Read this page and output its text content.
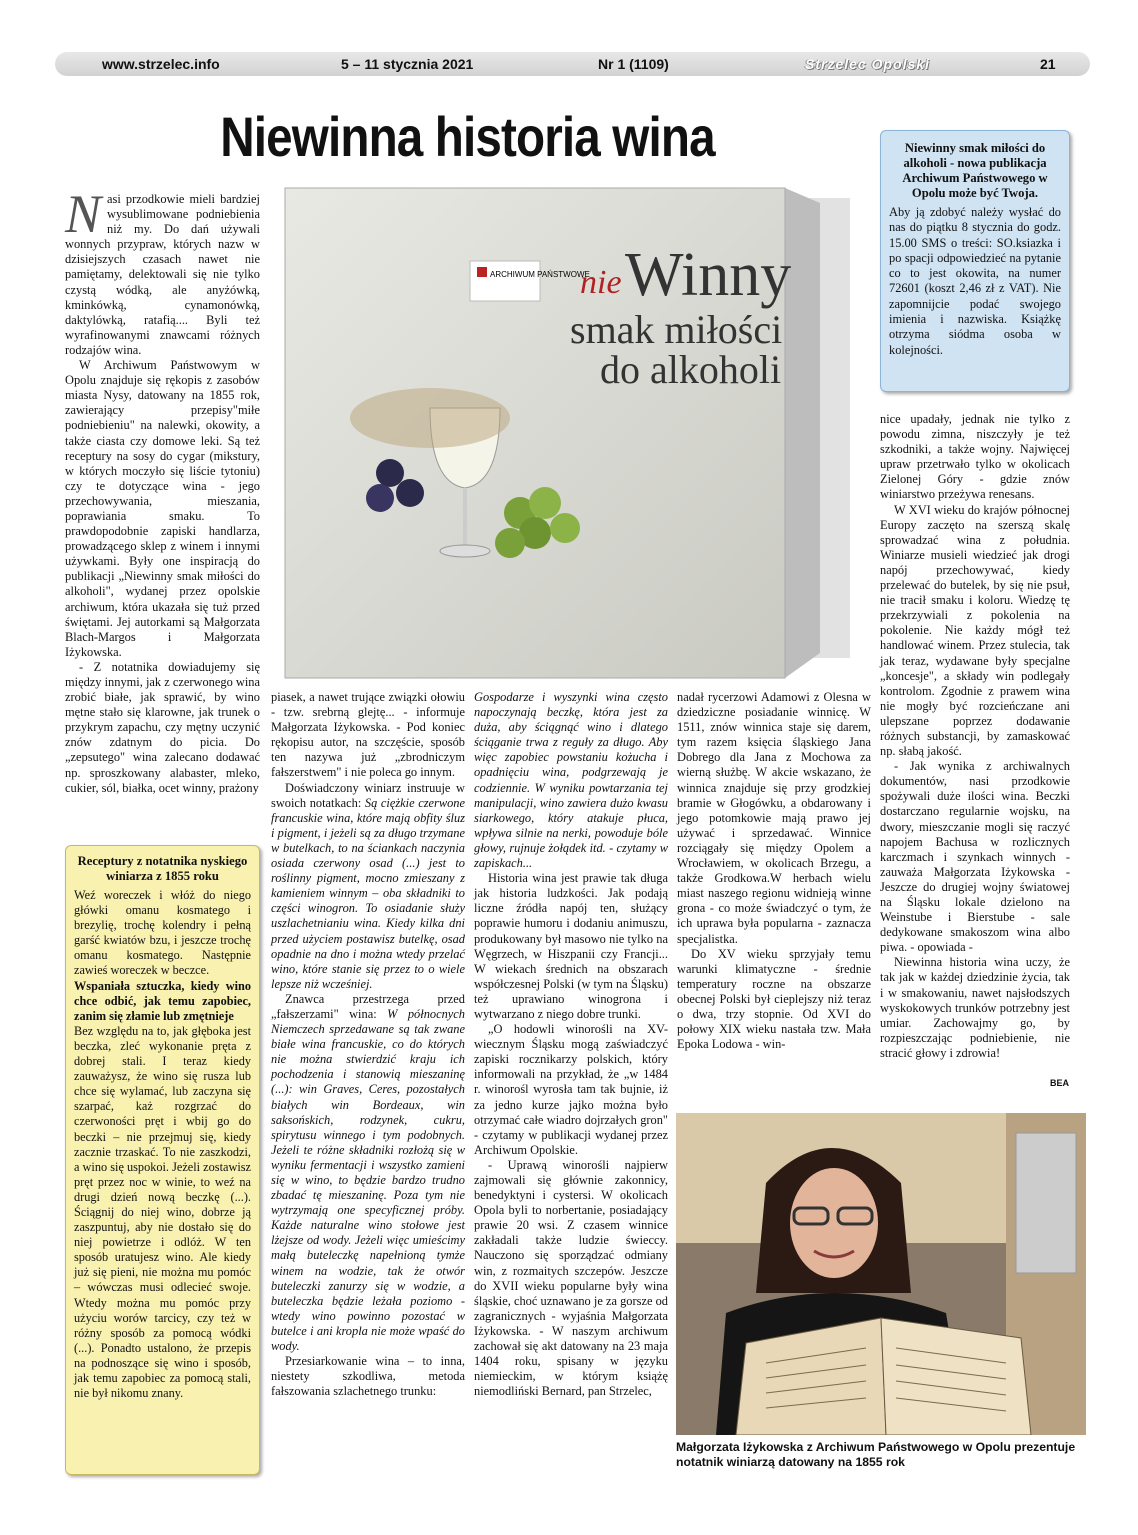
www.strzelec.info	5 – 11 stycznia 2021	Nr 1 (1109)	Strzelec Opolski	21
Niewinna historia wina

Nasi przodkowie mieli bardziej wysublimowane podniebienia niż my. Do dań używali wonnych przypraw, których nazw w dzisiejszych czasach nawet nie pamiętamy, delektowali się nie tylko czystą wódką, ale anyżówką, kminkówką, cynamonówką, daktylówką, ratafią.... Byli też wyrafinowanymi znawcami różnych rodzajów wina.

W Archiwum Państwowym w Opolu znajduje się rękopis z zasobów miasta Nysy, datowany na 1855 rok, zawierający przepisy"miłe podniebieniu" na nalewki, okowity, a także ciasta czy domowe leki. Są też receptury na sosy do cygar (mikstury, w których moczyło się liście tytoniu) czy te dotyczące wina - jego przechowywania, mieszania, poprawiania smaku. To prawdopodobnie zapiski handlarza, prowadzącego sklep z winem i innymi używkami. Były one inspiracją do publikacji „Niewinny smak miłości do alkoholi", wydanej przez opolskie archiwum, która ukazała się tuż przed świętami. Jej autorkami są Małgorzata Blach-Margos i Małgorzata Iżykowska.

- Z notatnika dowiadujemy się między innymi, jak z czerwonego wina zrobić białe, jak sprawić, by wino mętne stało się klarowne, jak trunek o przykrym zapachu, czy mętny uczynić znów zdatnym do picia. Do „zepsutego" wina zalecano dodawać np. sproszkowany alabaster, mleko, cukier, sól, białka, ocet winny, prażony

Receptury z notatnika nyskiego winiarza z 1855 roku

Weź woreczek i włóż do niego główki omanu kosmatego i brezylię, trochę kolendry i pełną garść kwiatów bzu, i jeszcze trochę omanu kosmatego. Następnie zawieś woreczek w beczce.

Wspaniała sztuczka, kiedy wino chce odbić, jak temu zapobiec, zanim się złamie lub zmętnieje

Bez względu na to, jak głęboka jest beczka, zleć wykonanie pręta z dobrej stali. I teraz kiedy zauważysz, że wino się rusza lub chce się wylamać, lub zaczyna się szarpać, każ rozgrzać do czerwoności pręt i wbij go do beczki – nie przejmuj się, kiedy zacznie trzaskać. To nie zaszkodzi, a wino się uspokoi. Jeżeli zostawisz pręt przez noc w winie, to weź na drugi dzień nową beczkę (...). Ściągnij do niej wino, dobrze ją zaszpuntuj, aby nie dostało się do niej powietrze i odlóż. W ten sposób uratujesz wino. Ale kiedy już się pieni, nie można mu pomóc – wówczas musi odlecieć swoje. Wtedy można mu pomóc przy użyciu worów tarcicy, czy też w różny sposób za pomocą wódki (...). Ponadto ustalono, że przepis na podnoszące się wino i sposób, jak temu zapobiec za pomocą stali, nie był nikomu znany.

ARCHIWUM PAŃSTWOWE
nie Winny
smak miłości
do alkoholi

piasek, a nawet trujące związki ołowiu - tzw. srebrną glejtę... - informuje Małgorzata Iżykowska. - Pod koniec rękopisu autor, na szczęście, sposób ten nazywa już „zbrodniczym fałszerstwem" i nie poleca go innym.

Doświadczony winiarz instruuje w swoich notatkach: Są ciężkie czerwone francuskie wina, które mają obfity śluz i pigment, i jeżeli są za długo trzymane w butelkach, to na ściankach naczynia osiada czerwony osad (...) jest to roślinny pigment, mocno zmieszany z kamieniem winnym – oba składniki to części winogron. To osiadanie służy uszlachetnianiu wina. Kiedy kilka dni przed użyciem postawisz butelkę, osad opadnie na dno i można wtedy przelać wino, które stanie się przez to o wiele lepsze niż wcześniej.

Znawca przestrzega przed „fałszerzami" wina: W północnych Niemczech sprzedawane są tak zwane białe wina francuskie, co do których nie można stwierdzić kraju ich pochodzenia i stanowią mieszaninę (...): win Graves, Ceres, pozostałych białych win Bordeaux, win saksońskich, rodzynek, cukru, spirytusu winnego i tym podobnych. Jeżeli te różne składniki rozłożą się w wyniku fermentacji i wszystko zamieni się w wino, to będzie bardzo trudno zbadać tę mieszaninę. Poza tym nie wytrzymają one specyficznej próby. Każde naturalne wino stołowe jest lżejsze od wody. Jeżeli więc umieścimy małą buteleczkę napełnioną tymże winem na wodzie, tak że otwór buteleczki zanurzy się w wodzie, a buteleczka będzie leżała poziomo - wtedy wino powinno pozostać w butelce i ani kropla nie może wpaść do wody.

Przesiarkowanie wina – to inna, niestety szkodliwa, metoda fałszowania szlachetnego trunku:

Gospodarze i wyszynki wina często napoczynają beczkę, która jest za duża, aby ściągnąć wino i dlatego ściąganie trwa z reguły za długo. Aby więc zapobiec powstaniu kożucha i opadnięciu wina, podgrzewają je codziennie. W wyniku powtarzania tej manipulacji, wino zawiera dużo kwasu siarkowego, który atakuje płuca, wpływa silnie na nerki, powoduje bóle głowy, rujnuje żołądek itd. - czytamy w zapiskach...

Historia wina jest prawie tak długa jak historia ludzkości. Jak podają liczne źródła napój ten, służący poprawie humoru i dodaniu animuszu, produkowany był masowo nie tylko na Węgrzech, w Hiszpanii czy Francji... W wiekach średnich na obszarach współczesnej Polski (w tym na Śląsku) też uprawiano winogrona i wytwarzano z niego dobre trunki.

„O hodowli winorośli na XV-wiecznym Śląsku mogą zaświadczyć zapiski rocznikarzy polskich, który informowali na przykład, że „w 1484 r. winorośl wyrosła tam tak bujnie, iż za jedno kurze jajko można było otrzymać całe wiadro dojrzałych gron" - czytamy w publikacji wydanej przez Archiwum Opolskie.

- Uprawą winorośli najpierw zajmowali się głównie zakonnicy, benedyktyni i cystersi. W okolicach Opola byli to norbertanie, posiadający prawie 20 wsi. Z czasem winnice zakładali także ludzie świeccy. Nauczono się sporządzać odmiany win, z rozmaitych szczepów. Jeszcze do XVII wieku popularne były wina śląskie, choć uznawano je za gorsze od zagranicznych - wyjaśnia Małgorzata Iżykowska. - W naszym archiwum zachował się akt datowany na 23 maja 1404 roku, spisany w języku niemieckim, w którym książę niemodliński Bernard, pan Strzelec,

nadał rycerzowi Adamowi z Olesna w dziedziczne posiadanie winnicę. W 1511, znów winnica staje się darem, tym razem księcia śląskiego Jana Dobrego dla Jana z Mochowa za wierną służbę. W akcie wskazano, że winnica znajduje się przy grodzkiej bramie w Głogówku, a obdarowany i jego potomkowie mają prawo jej używać i sprzedawać. Winnice rozciągały się między Opolem a Wrocławiem, w okolicach Brzegu, a także Grodkowa.W herbach wielu miast naszego regionu widnieją winne grona - co może świadczyć o tym, że ich uprawa była popularna - zaznacza specjalistka.

Do XV wieku sprzyjały temu warunki klimatyczne - średnie temperatury roczne na obszarze obecnej Polski był cieplejszy niż teraz o dwa, trzy stopnie. Od XVI do połowy XIX wieku nastała tzw. Mała Epoka Lodowa - win-

Niewinny smak miłości do alkoholi - nowa publikacja Archiwum Państwowego w Opolu może być Twoja.
Aby ją zdobyć należy wysłać do nas do piątku 8 stycznia do godz. 15.00 SMS o treści: SO.ksiazka i po spacji odpowiedzieć na pytanie co to jest okowita, na numer 72601 (koszt 2,46 zł z VAT). Nie zapomnijcie podać swojego imienia i nazwiska. Książkę otrzyma siódma osoba w kolejności.

nice upadały, jednak nie tylko z powodu zimna, niszczyły je też szkodniki, a także wojny. Najwięcej upraw przetrwało tylko w okolicach Zielonej Góry - gdzie znów winiarstwo przeżywa renesans.

W XVI wieku do krajów północnej Europy zaczęto na szerszą skalę sprowadzać wina z południa. Winiarze musieli wiedzieć jak drogi napój przechowywać, kiedy przelewać do butelek, by się nie psuł, nie tracił smaku i koloru. Wiedzę tę przekrzywiali z pokolenia na pokolenie. Nie każdy mógł też handlować winem. Przez stulecia, tak jak teraz, wydawane były specjalne „koncesje", a składy win podlegały kontrolom. Zgodnie z prawem wina nie mogły być rozcieńczane ani ulepszane poprzez dodawanie różnych substancji, by zamaskować np. słabą jakość.

- Jak wynika z archiwalnych dokumentów, nasi przodkowie spożywali duże ilości wina. Beczki dostarczano regularnie wojsku, na dwory, mieszczanie mogli się raczyć napojem Bachusa w rozlicznych karczmach i szynkach winnych - zauważa Małgorzata Iżykowska - Jeszcze do drugiej wojny światowej na Śląsku lokale dzielono na Weinstube i Bierstube - sale dedykowane smakoszom wina albo piwa. - opowiada -

Niewinna historia wina uczy, że tak jak w każdej dziedzinie życia, tak i w smakowaniu, nawet najsłodszych wyskokowych trunków potrzebny jest umiar. Zachowajmy go, by rozpieszczając podniebienie, nie stracić głowy i zdrowia!

BEA
Małgorzata Iżykowska z Archiwum Państwowego w Opolu prezentuje notatnik winiarzą datowany na 1855 rok
